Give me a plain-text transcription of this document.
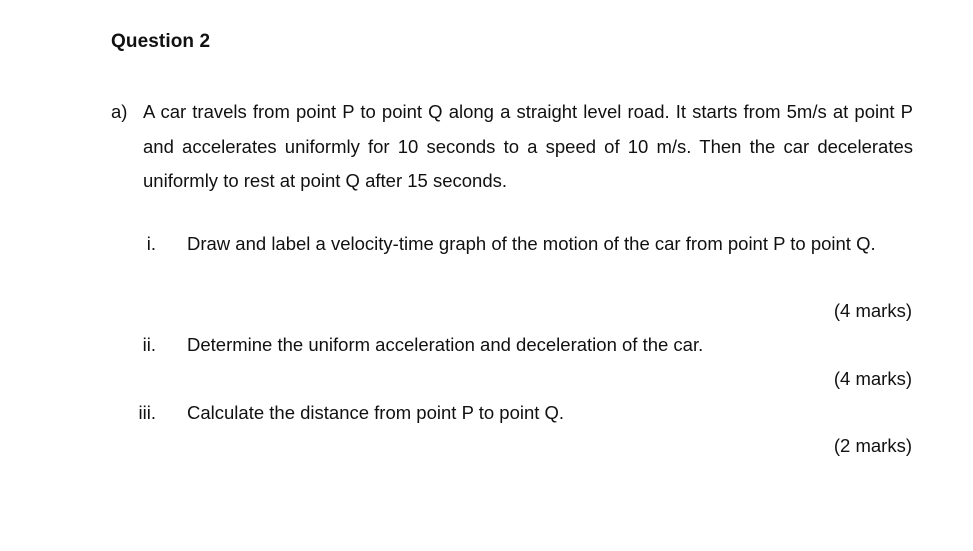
Question 2
a) A car travels from point P to point Q along a straight level road. It starts from 5m/s at point P and accelerates uniformly for 10 seconds to a speed of 10 m/s. Then the car decelerates uniformly to rest at point Q after 15 seconds.
i. Draw and label a velocity-time graph of the motion of the car from point P to point Q.
(4 marks)
ii. Determine the uniform acceleration and deceleration of the car.
(4 marks)
iii. Calculate the distance from point P to point Q.
(2 marks)
